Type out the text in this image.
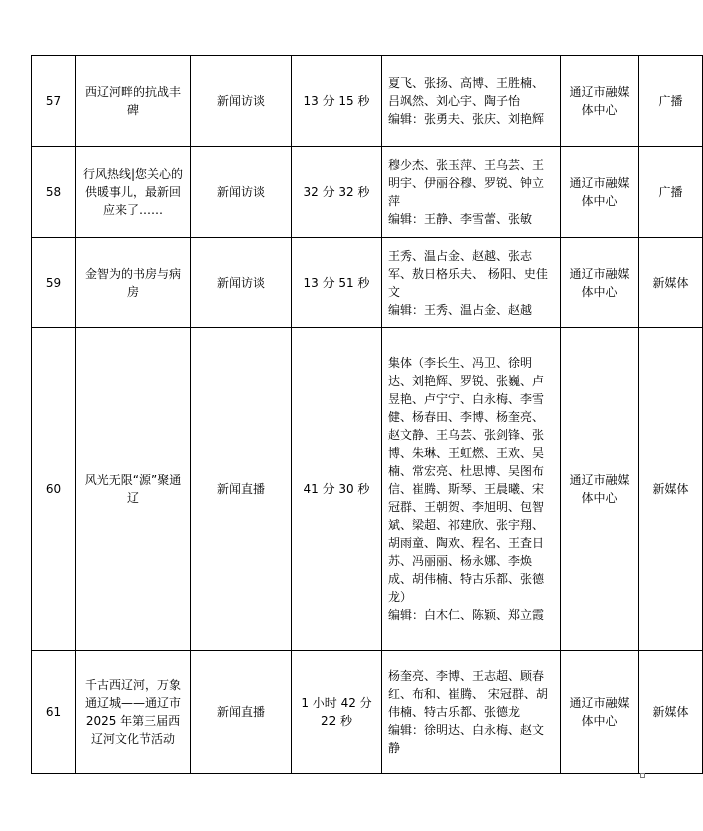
57	西辽河畔的抗战丰碑	新闻访谈	13 分 15 秒	夏飞、张扬、高博、王胜楠、吕飒然、刘心宇、陶子怡
编辑：张勇夫、张庆、刘艳辉	通辽市融媒体中心	广播
58	行风热线|您关心的供暖事儿，最新回应来了……	新闻访谈	32 分 32 秒	穆少杰、张玉萍、王乌芸、王明宇、伊丽谷穆、罗锐、钟立萍
编辑：王静、李雪蕾、张敏	通辽市融媒体中心	广播
59	金智为的书房与病房	新闻访谈	13 分 51 秒	王秀、温占金、赵越、张志军、敖日格乐夫、 杨阳、史佳文
编辑：王秀、温占金、赵越	通辽市融媒体中心	新媒体
60	风光无限“源”聚通辽	新闻直播	41 分 30 秒	集体（李长生、冯卫、徐明达、刘艳辉、罗锐、张巍、卢昱艳、卢宁宁、白永梅、李雪健、杨春田、李博、杨奎亮、赵文静、王乌芸、张剑锋、张博、朱琳、王虹燃、王欢、吴楠、常宏亮、杜思博、吴图布信、崔腾、斯琴、王晨曦、宋冠群、王朝贺、李旭明、包智斌、梁超、祁建欣、张宇翔、胡雨童、陶欢、程名、王査日苏、冯丽丽、杨永娜、李焕成、胡伟楠、特古乐都、张德龙）
编辑：白木仁、陈颖、郑立霞	通辽市融媒体中心	新媒体
61	千古西辽河，万象通辽城——通辽市 2025 年第三届西辽河文化节活动	新闻直播	1 小时 42 分 22 秒	杨奎亮、李博、王志超、顾春红、布和、崔腾、 宋冠群、胡伟楠、特古乐都、张德龙
编辑：徐明达、白永梅、赵文静	通辽市融媒体中心	新媒体
